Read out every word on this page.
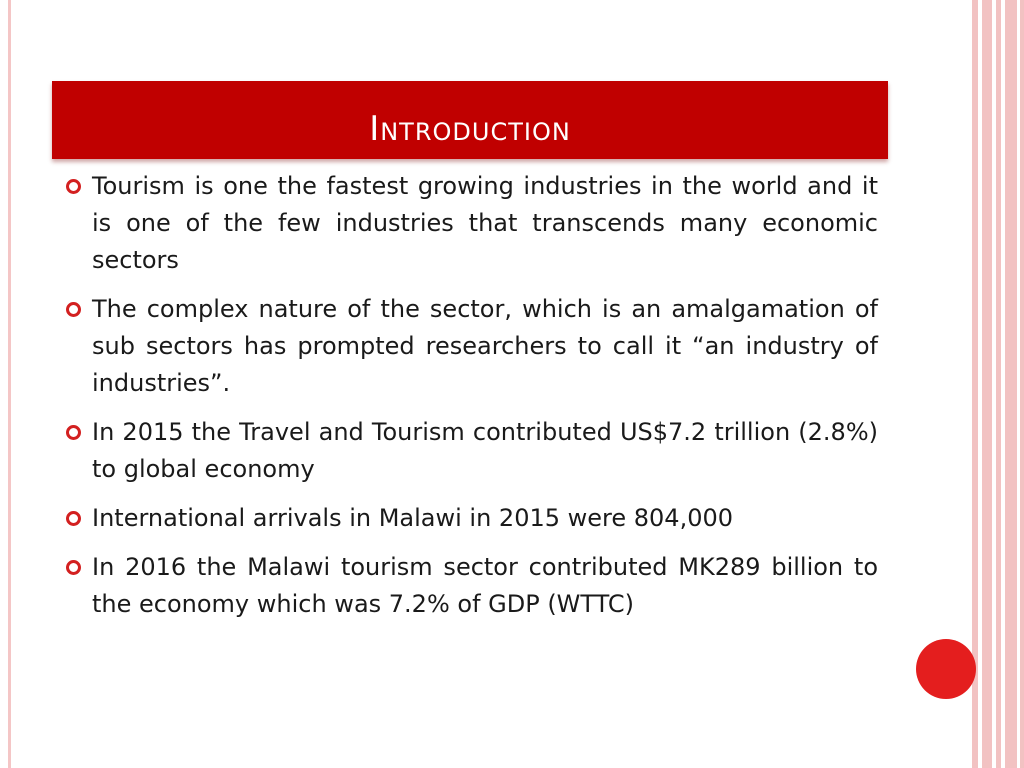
Introduction
Tourism is one the fastest growing industries in the world and it is one of the few industries that transcends many economic sectors
The complex nature of the sector, which is an amalgamation of sub sectors has prompted researchers to call it “an industry of industries”.
In 2015 the Travel and Tourism contributed US$7.2 trillion (2.8%) to global economy
International arrivals in Malawi in 2015 were 804,000
In 2016 the Malawi tourism sector contributed MK289 billion to the economy which was 7.2% of GDP (WTTC)
